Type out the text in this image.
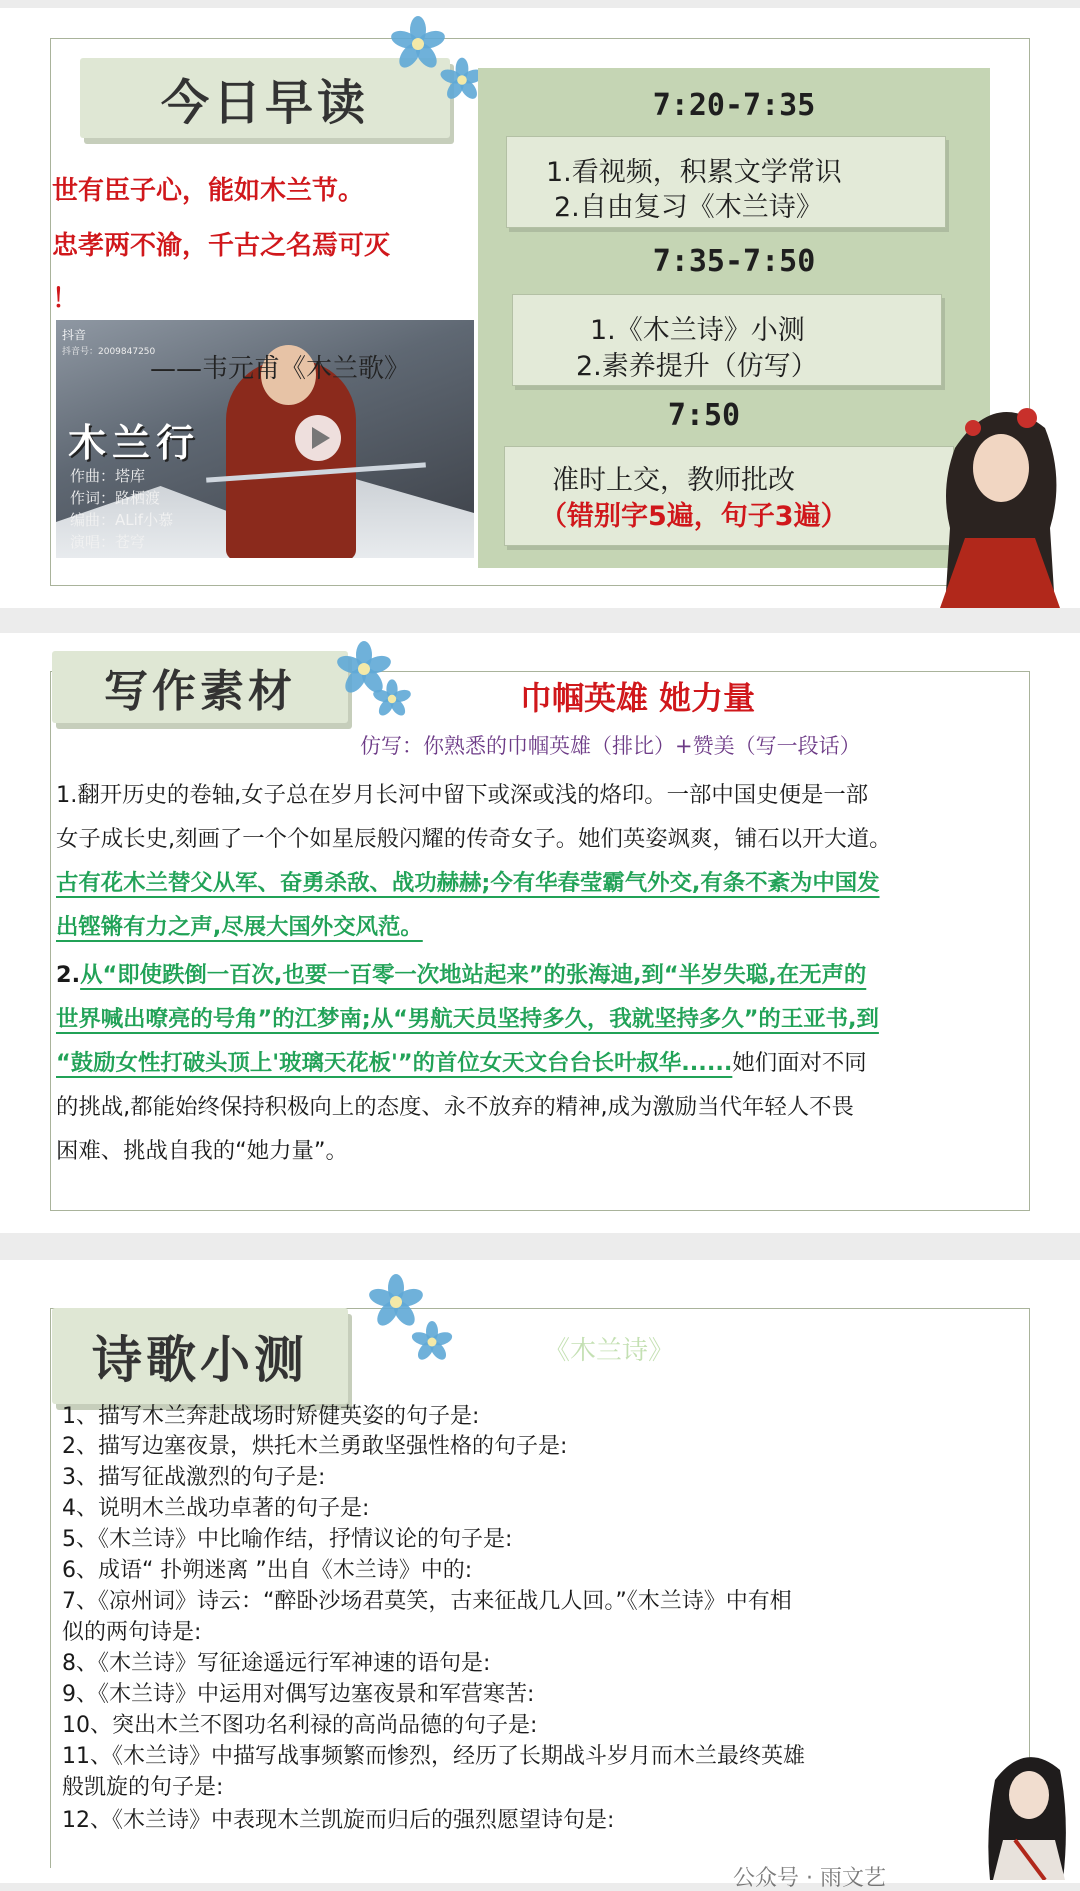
今日早读
世有臣子心，能如木兰节。
忠孝两不渝，千古之名焉可灭
！
抖音
抖音号：2009847250
木兰行
作曲：塔库
作词：路栖渡
编曲：ALif小慕
演唱：苍穹
——韦元甫《木兰歌》
7:20-7:35
1.看视频，积累文学常识
2.自由复习《木兰诗》
7:35-7:50
1.《木兰诗》小测
2.素养提升（仿写）
7:50
准时上交，教师批改
（错别字5遍，句子3遍）
写作素材	巾帼英雄 她力量
仿写：你熟悉的巾帼英雄（排比）+赞美（写一段话）
1.翻开历史的卷轴,女子总在岁月长河中留下或深或浅的烙印。一部中国史便是一部
女子成长史,刻画了一个个如星辰般闪耀的传奇女子。她们英姿飒爽，铺石以开大道。
古有花木兰替父从军、奋勇杀敌、战功赫赫;今有华春莹霸气外交,有条不紊为中国发
出铿锵有力之声,尽展大国外交风范。
2.从“即使跌倒一百次,也要一百零一次地站起来”的张海迪,到“半岁失聪,在无声的
世界喊出嘹亮的号角”的江梦南;从“男航天员坚持多久，我就坚持多久”的王亚书,到
“鼓励女性打破头顶上'玻璃天花板'”的首位女天文台台长叶叔华......她们面对不同
的挑战,都能始终保持积极向上的态度、永不放弃的精神,成为激励当代年轻人不畏
困难、挑战自我的“她力量”。
诗歌小测	《木兰诗》
1、描写木兰奔赴战场时矫健英姿的句子是:
2、描写边塞夜景，烘托木兰勇敢坚强性格的句子是:
3、描写征战激烈的句子是:
4、说明木兰战功卓著的句子是:
5、《木兰诗》中比喻作结，抒情议论的句子是:
6、成语“ 扑朔迷离 ”出自《木兰诗》中的:
7、《凉州词》诗云：“醉卧沙场君莫笑，古来征战几人回。”《木兰诗》中有相
似的两句诗是:
8、《木兰诗》写征途遥远行军神速的语句是:
9、《木兰诗》中运用对偶写边塞夜景和军营寒苦:
10、突出木兰不图功名利禄的高尚品德的句子是:
11、《木兰诗》中描写战事频繁而惨烈，经历了长期战斗岁月而木兰最终英雄
般凯旋的句子是:
12、《木兰诗》中表现木兰凯旋而归后的强烈愿望诗句是:
公众号 · 雨文艺
